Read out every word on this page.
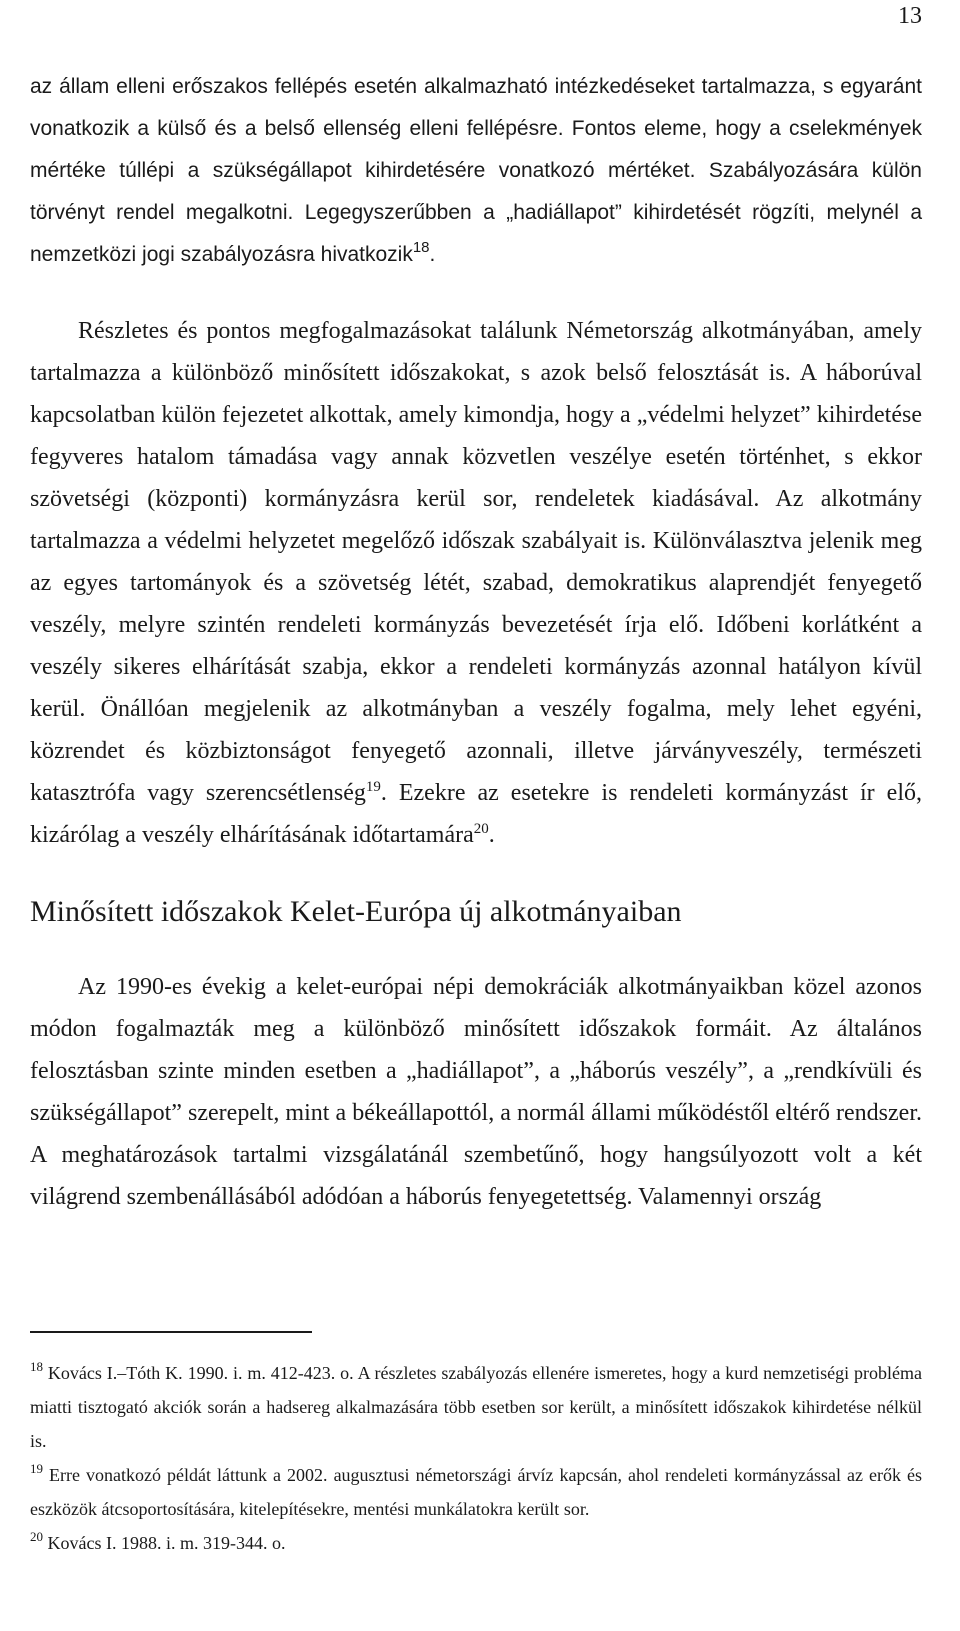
13

az állam elleni erőszakos fellépés esetén alkalmazható intézkedéseket tartalmazza, s egyaránt vonatkozik a külső és a belső ellenség elleni fellépésre. Fontos eleme, hogy a cselekmények mértéke túllépi a szükségállapot kihirdetésére vonatkozó mértéket. Szabályozására külön törvényt rendel megalkotni. Legegyszerűbben a „hadiállapot” kihirdetését rögzíti, melynél a nemzetközi jogi szabályozásra hivatkozik$^{18}$.

Részletes és pontos megfogalmazásokat találunk Németország alkotmányában, amely tartalmazza a különböző minősített időszakokat, s azok belső felosztását is. A háborúval kapcsolatban külön fejezetet alkottak, amely kimondja, hogy a „védelmi helyzet” kihirdetése fegyveres hatalom támadása vagy annak közvetlen veszélye esetén történhet, s ekkor szövetségi (központi) kormányzásra kerül sor, rendeletek kiadásával. Az alkotmány tartalmazza a védelmi helyzetet megelőző időszak szabályait is. Különválasztva jelenik meg az egyes tartományok és a szövetség létét, szabad, demokratikus alaprendjét fenyegető veszély, melyre szintén rendeleti kormányzás bevezetését írja elő. Időbeni korlátként a veszély sikeres elhárítását szabja, ekkor a rendeleti kormányzás azonnal hatályon kívül kerül. Önállóan megjelenik az alkotmányban a veszély fogalma, mely lehet egyéni, közrendet és közbiztonságot fenyegető azonnali, illetve járványveszély, természeti katasztrófa vagy szerencsétlenség$^{19}$. Ezekre az esetekre is rendeleti kormányzást ír elő, kizárólag a veszély elhárításának időtartamára$^{20}$.

Minősített időszakok Kelet-Európa új alkotmányaiban

Az 1990-es évekig a kelet-európai népi demokráciák alkotmányaikban közel azonos módon fogalmazták meg a különböző minősített időszakok formáit. Az általános felosztásban szinte minden esetben a „hadiállapot”, a „háborús veszély”, a „rendkívüli és szükségállapot” szerepelt, mint a békeállapottól, a normál állami működéstől eltérő rendszer. A meghatározások tartalmi vizsgálatánál szembetűnő, hogy hangsúlyozott volt a két világrend szembenállásából adódóan a háborús fenyegetettség. Valamennyi ország

$^{18}$ Kovács I.–Tóth K. 1990. i. m. 412-423. o. A részletes szabályozás ellenére ismeretes, hogy a kurd nemzetiségi probléma miatti tisztogató akciók során a hadsereg alkalmazására több esetben sor került, a minősített időszakok kihirdetése nélkül is.

$^{19}$ Erre vonatkozó példát láttunk a 2002. augusztusi németországi árvíz kapcsán, ahol rendeleti kormányzással az erők és eszközök átcsoportosítására, kitelepítésekre, mentési munkálatokra került sor.

$^{20}$ Kovács I. 1988. i. m. 319-344. o.
